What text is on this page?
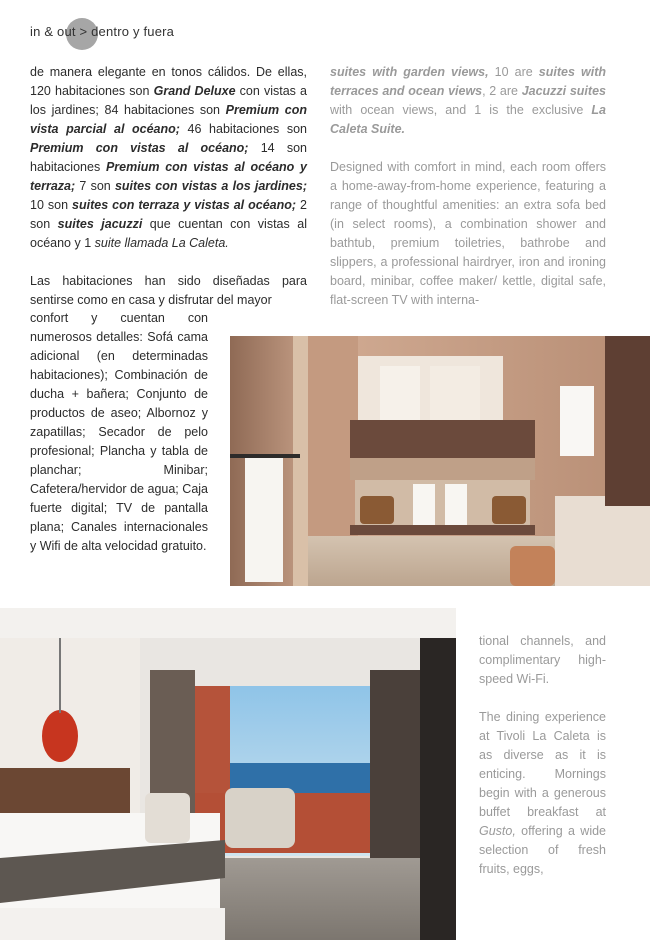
in & out > dentro y fuera

de manera elegante en tonos cálidos. De ellas, 120 habitaciones son Grand Deluxe con vistas a los jardines; 84 habitaciones son Premium con vista parcial al océano; 46 habitaciones son Premium con vistas al océano; 14 son habitaciones Premium con vistas al océano y terraza; 7 son suites con vistas a los jardines; 10 son suites con terraza y vistas al océano; 2 son suites jacuzzi que cuentan con vistas al océano y 1 suite llamada La Caleta.

Las habitaciones han sido diseñadas para sentirse como en casa y disfrutar del mayor

confort y cuentan con numerosos detalles: Sofá cama adicional (en determinadas habitaciones); Combinación de ducha + bañera; Conjunto de productos de aseo; Albornoz y zapatillas; Secador de pelo profesional; Plancha y tabla de planchar; Minibar; Cafetera/hervidor de agua; Caja fuerte digital; TV de pantalla plana; Canales internacionales y Wifi de alta velocidad gratuito.

suites with garden views, 10 are suites with terraces and ocean views, 2 are Jacuzzi suites with ocean views, and 1 is the exclusive La Caleta Suite.

Designed with comfort in mind, each room offers a home-away-from-home experience, featuring a range of thoughtful amenities: an extra sofa bed (in select rooms), a combination shower and bathtub, premium toiletries, bathrobe and slippers, a professional hairdryer, iron and ironing board, minibar, coffee maker/ kettle, digital safe, flat-screen TV with interna-

tional channels, and complimentary high-speed Wi-Fi.

The dining experience at Tivoli La Caleta is as diverse as it is enticing. Mornings begin with a generous buffet breakfast at Gusto, offering a wide selection of fresh fruits, eggs,
